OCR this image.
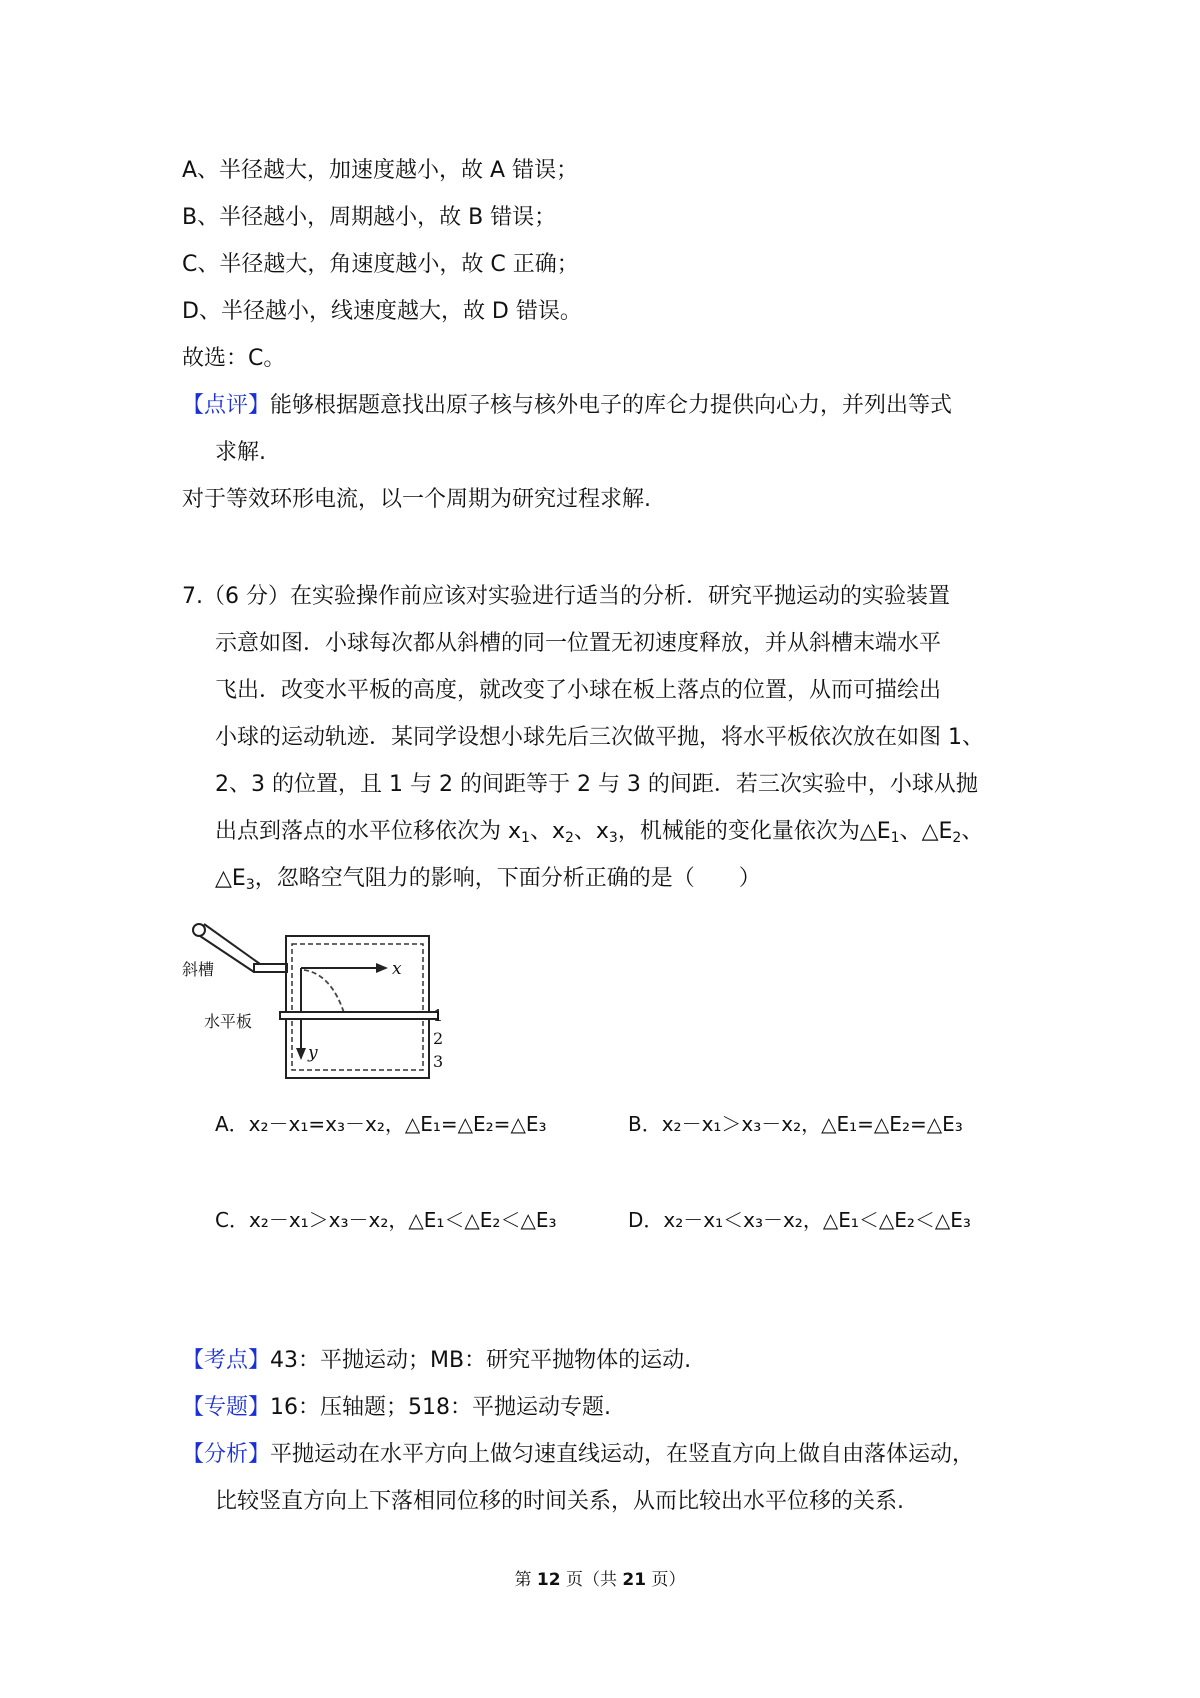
A、半径越大，加速度越小，故 A 错误；
B、半径越小，周期越小，故 B 错误；
C、半径越大，角速度越小，故 C 正确；
D、半径越小，线速度越大，故 D 错误。
故选：C。
【点评】能够根据题意找出原子核与核外电子的库仑力提供向心力，并列出等式
求解.
对于等效环形电流，以一个周期为研究过程求解.
7.（6 分）在实验操作前应该对实验进行适当的分析．研究平抛运动的实验装置
示意如图．小球每次都从斜槽的同一位置无初速度释放，并从斜槽末端水平
飞出．改变水平板的高度，就改变了小球在板上落点的位置，从而可描绘出
小球的运动轨迹．某同学设想小球先后三次做平抛，将水平板依次放在如图 1、
2、3 的位置，且 1 与 2 的间距等于 2 与 3 的间距．若三次实验中，小球从抛
出点到落点的水平位移依次为 $x_1$、$x_2$、$x_3$，机械能的变化量依次为$\triangle E_1$、$\triangle E_2$、
$\triangle E_3$，忽略空气阻力的影响，下面分析正确的是（　　）
斜槽
水平板
x
y
1
2
3
A．x₂－x₁=x₃－x₂，△E₁=△E₂=△E₃	B．x₂－x₁＞x₃－x₂，△E₁=△E₂=△E₃
C．x₂－x₁＞x₃－x₂，△E₁＜△E₂＜△E₃	D．x₂－x₁＜x₃－x₂，△E₁＜△E₂＜△E₃
【考点】43：平抛运动；MB：研究平抛物体的运动.
【专题】16：压轴题；518：平抛运动专题.
【分析】平抛运动在水平方向上做匀速直线运动，在竖直方向上做自由落体运动，
比较竖直方向上下落相同位移的时间关系，从而比较出水平位移的关系.
第 12 页（共 21 页）
